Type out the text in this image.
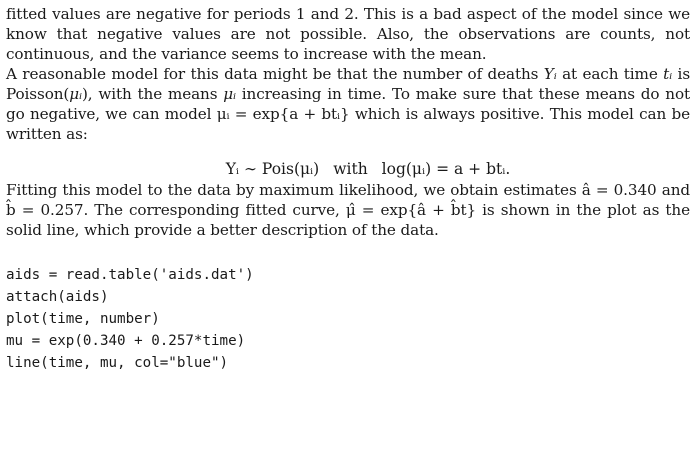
fitted values are negative for periods 1 and 2. This is a bad aspect of the model since we know that negative values are not possible. Also, the observations are counts, not continuous, and the variance seems to increase with the mean.

A reasonable model for this data might be that the number of deaths Yᵢ at each time tᵢ is Poisson(μᵢ), with the means μᵢ increasing in time. To make sure that these means do not go negative, we can model μᵢ = exp{a + btᵢ} which is always positive. This model can be written as:

Yᵢ ∼ Pois(μᵢ) with log(μᵢ) = a + btᵢ.

Fitting this model to the data by maximum likelihood, we obtain estimates â = 0.340 and b̂ = 0.257. The corresponding fitted curve, μ̂ = exp{â + b̂t} is shown in the plot as the solid line, which provide a better description of the data.

aids = read.table('aids.dat')
attach(aids)
plot(time, number)
mu = exp(0.340 + 0.257*time)
line(time, mu, col="blue")
